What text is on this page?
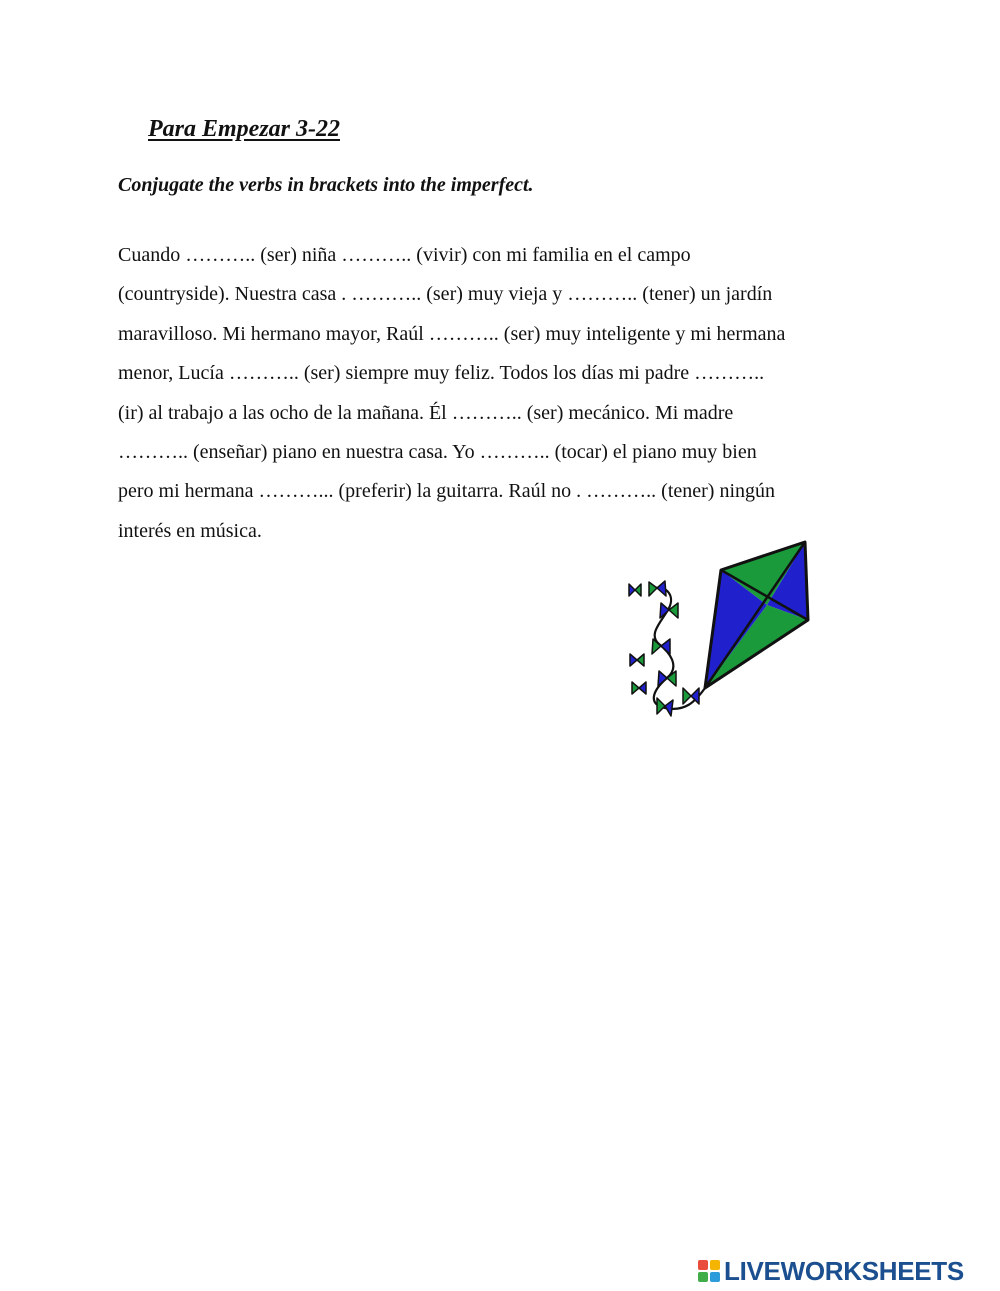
Para Empezar 3-22
Conjugate the verbs in brackets into the imperfect.
Cuando ……….. (ser) niña ……….. (vivir) con mi familia en el campo
(countryside). Nuestra casa . ……….. (ser) muy vieja y ……….. (tener) un jardín
maravilloso. Mi hermano mayor, Raúl ……….. (ser) muy inteligente y mi hermana
menor, Lucía ……….. (ser) siempre muy feliz. Todos los días mi padre ………..
(ir) al trabajo a las ocho de la mañana. Él ……….. (ser) mecánico. Mi madre
……….. (enseñar) piano en nuestra casa. Yo ……….. (tocar) el piano muy bien
pero mi hermana ………... (preferir) la guitarra. Raúl no . ……….. (tener) ningún
interés en música.
LIVEWORKSHEETS
